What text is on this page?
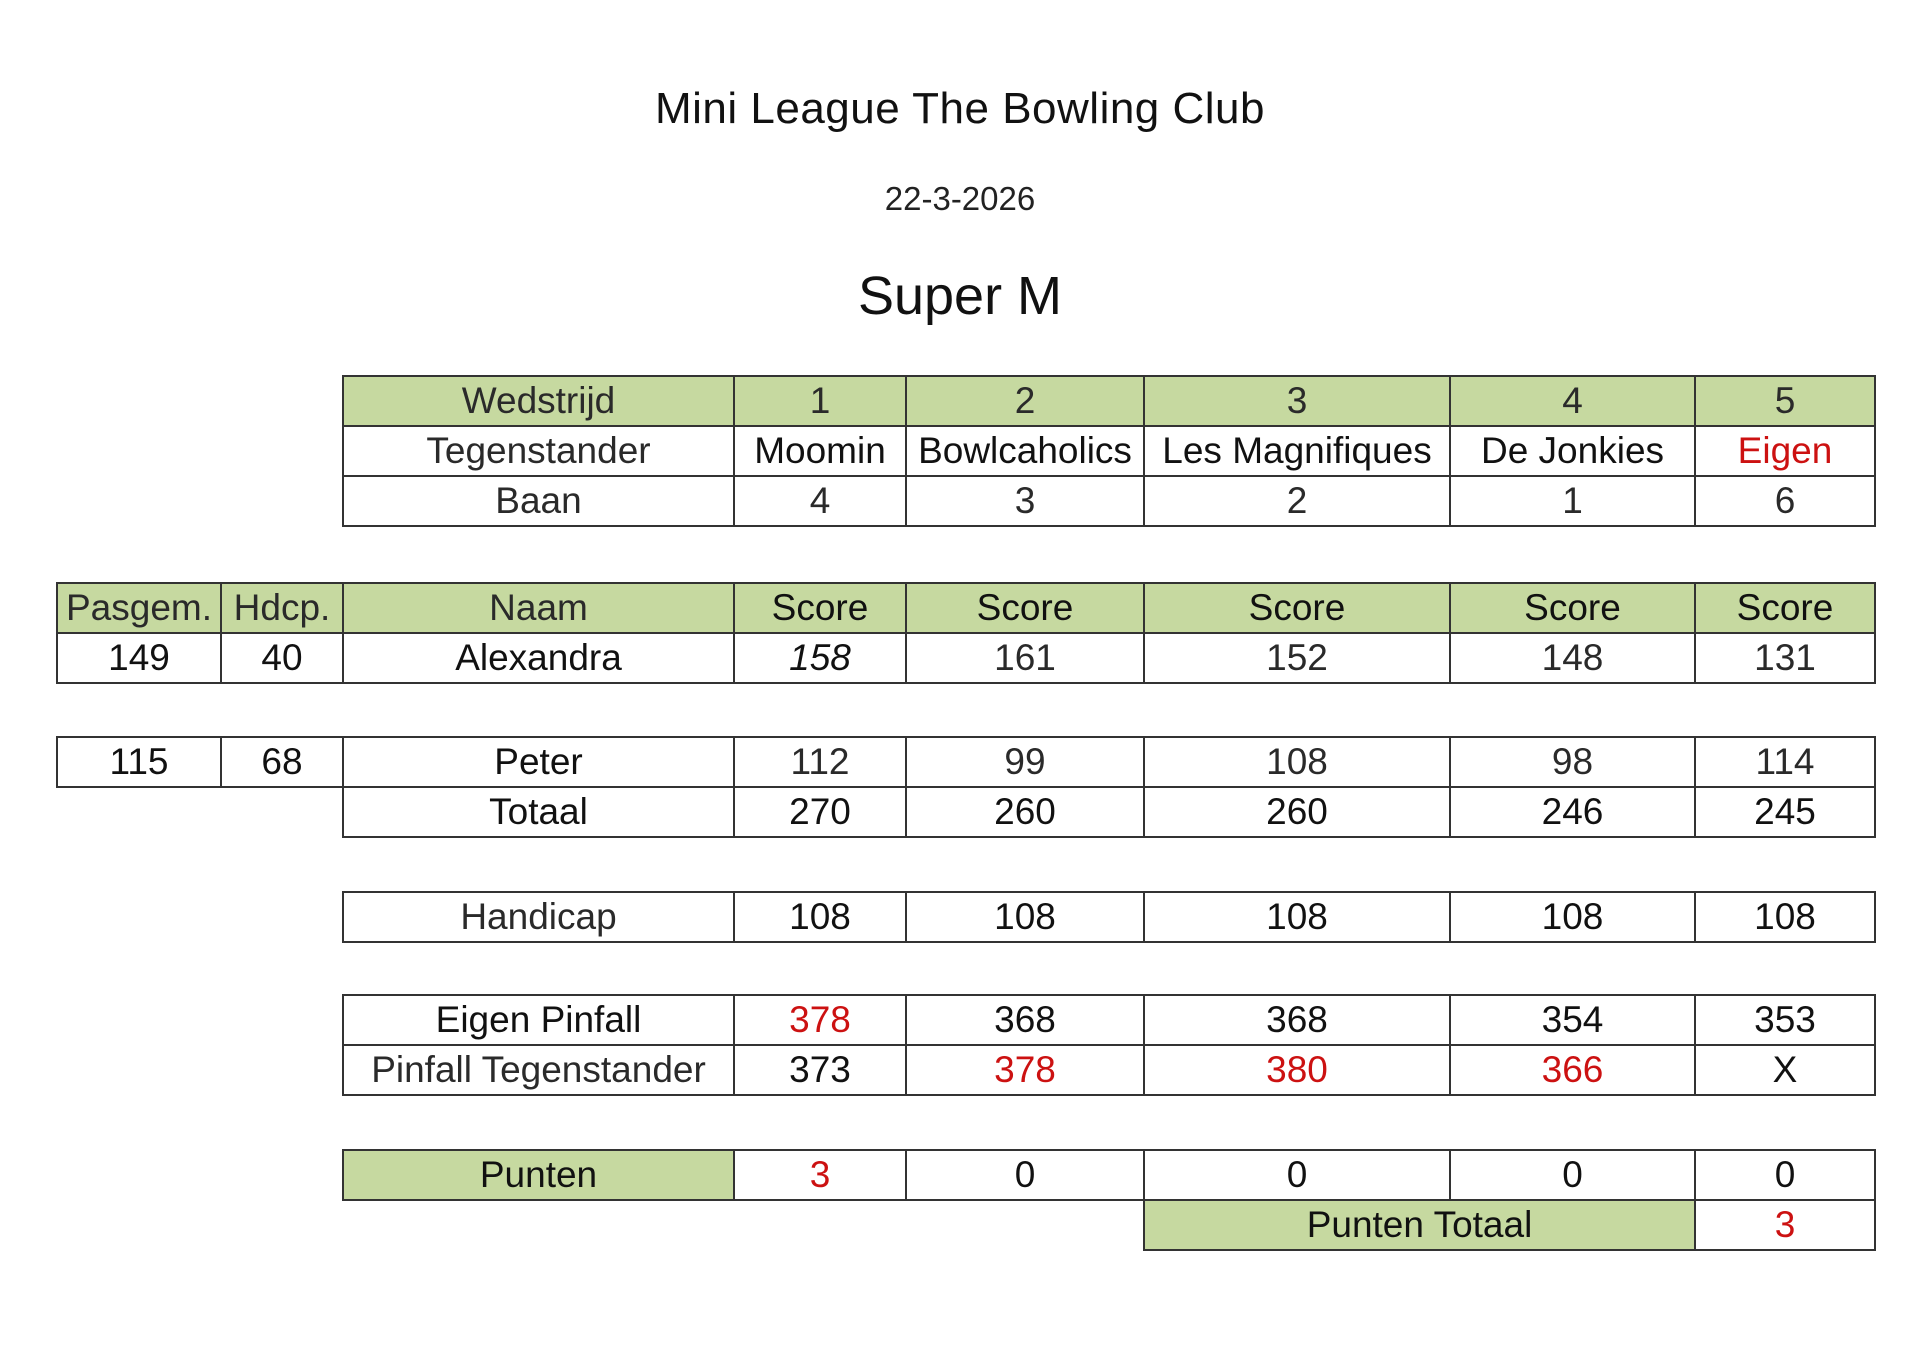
Mini League The Bowling Club
22-3-2026
Super M
Wedstrijd	1	2	3	4	5
Tegenstander	Moomin	Bowlcaholics	Les Magnifiques	De Jonkies	Eigen
Baan	4	3	2	1	6
Pasgem.	Hdcp.	Naam	Score	Score	Score	Score	Score
149	40	Alexandra	158	161	152	148	131
115	68	Peter	112	99	108	98	114
		Totaal	270	260	260	246	245
Handicap	108	108	108	108	108
Eigen Pinfall	378	368	368	354	353
Pinfall Tegenstander	373	378	380	366	X
Punten	3	0	0	0	0
			Punten Totaal		3
